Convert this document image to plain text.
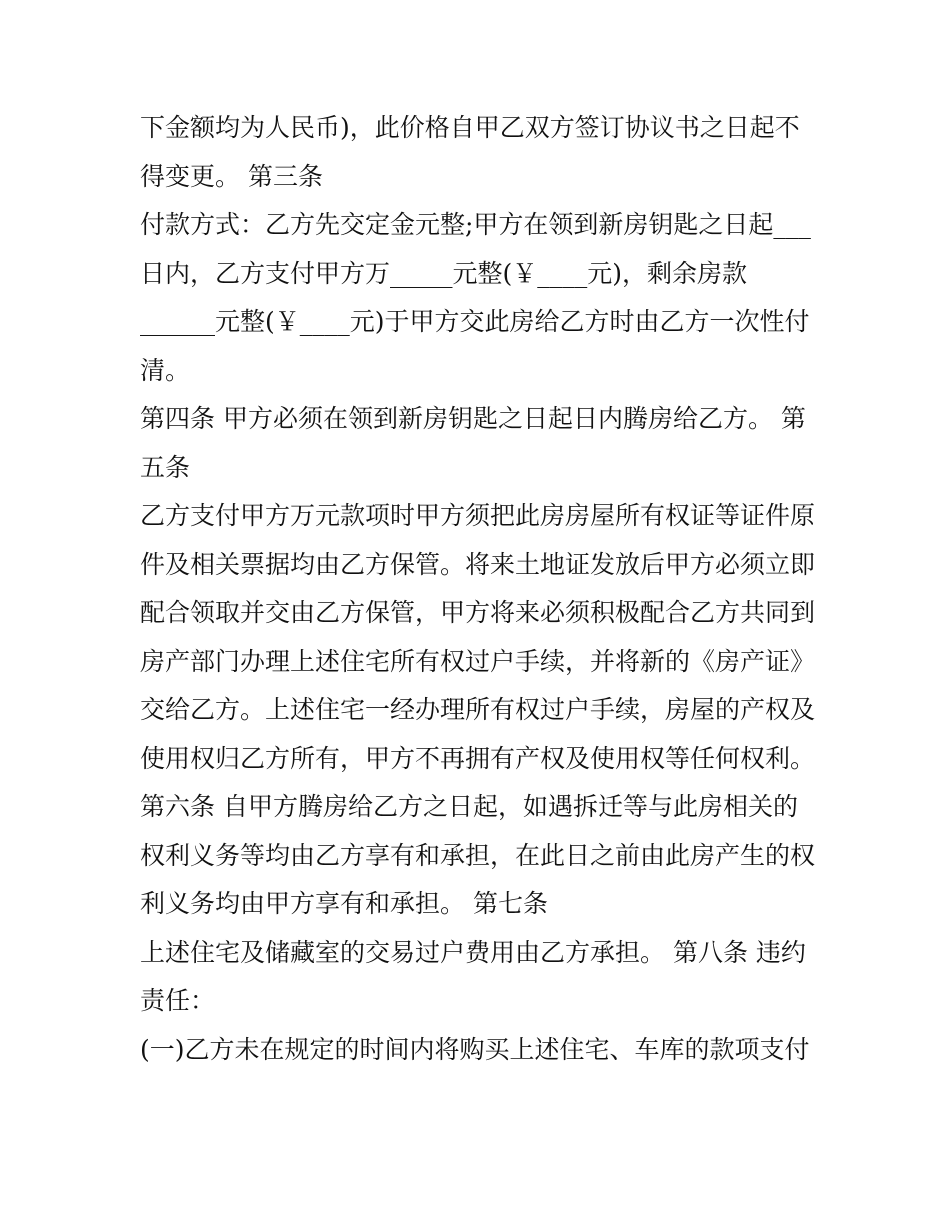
下金额均为人民币)，此价格自甲乙双方签订协议书之日起不
得变更。 第三条
付款方式：乙方先交定金元整;甲方在领到新房钥匙之日起___
日内，乙方支付甲方万_____元整(￥____元)，剩余房款
______元整(￥____元)于甲方交此房给乙方时由乙方一次性付
清。
第四条 甲方必须在领到新房钥匙之日起日内腾房给乙方。 第
五条
乙方支付甲方万元款项时甲方须把此房房屋所有权证等证件原
件及相关票据均由乙方保管。将来土地证发放后甲方必须立即
配合领取并交由乙方保管，甲方将来必须积极配合乙方共同到
房产部门办理上述住宅所有权过户手续，并将新的《房产证》
交给乙方。上述住宅一经办理所有权过户手续，房屋的产权及
使用权归乙方所有，甲方不再拥有产权及使用权等任何权利。
第六条 自甲方腾房给乙方之日起，如遇拆迁等与此房相关的
权利义务等均由乙方享有和承担，在此日之前由此房产生的权
利义务均由甲方享有和承担。 第七条
上述住宅及储藏室的交易过户费用由乙方承担。 第八条 违约
责任：
(一)乙方未在规定的时间内将购买上述住宅、车库的款项支付
